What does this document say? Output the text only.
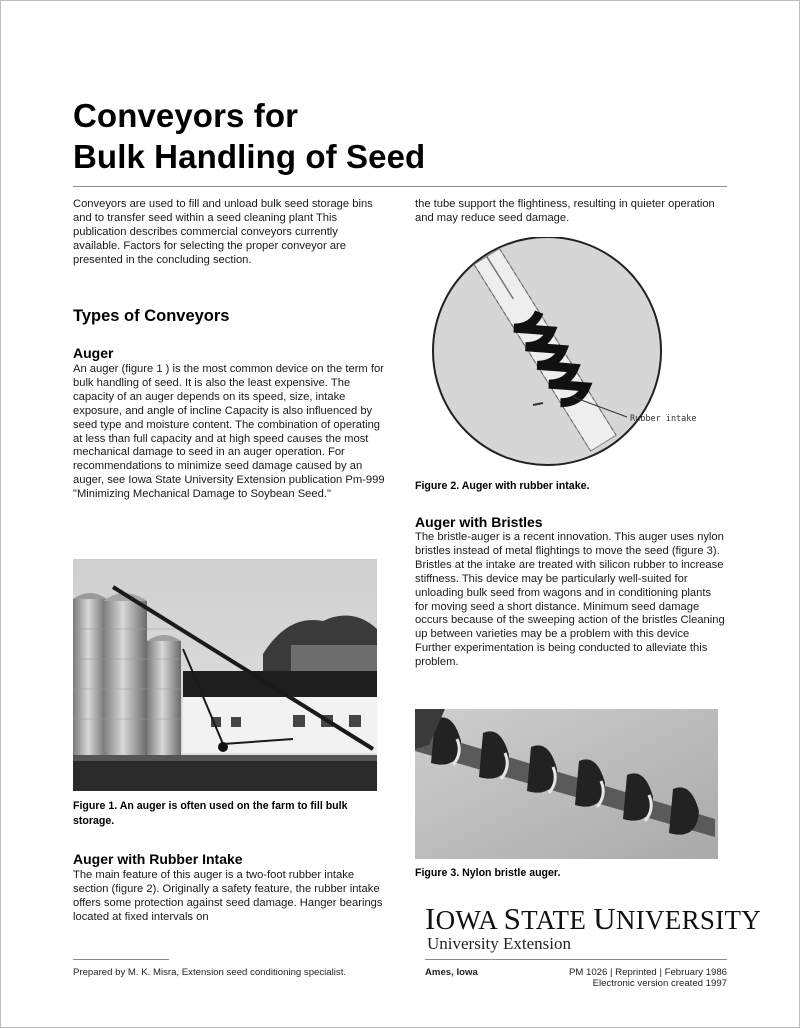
Conveyors for
Bulk Handling of Seed

Conveyors are used to fill and unload bulk seed storage bins and to transfer seed within a seed cleaning plant This publication describes commercial conveyors currently available. Factors for selecting the proper conveyor are presented in the concluding section.

Types of Conveyors
Auger

An auger (figure 1 ) is the most common device on the term for bulk handling of seed. It is also the least expensive. The capacity of an auger depends on its speed, size, intake exposure, and angle of incline Capacity is also influenced by seed type and moisture content. The combination of operating at less than full capacity and at high speed causes the most mechanical damage to seed in an auger operation. For recommendations to minimize seed damage caused by an auger, see Iowa State University Extension publication Pm-999 "Minimizing Mechanical Damage to Soybean Seed."

Figure 1. An auger is often used on the farm to fill bulk storage.

Auger with Rubber Intake

The main feature of this auger is a two-foot rubber intake section (figure 2). Originally a safety feature, the rubber intake offers some protection against seed damage. Hanger bearings located at fixed intervals on

Prepared by M. K. Misra, Extension seed conditioning specialist.

the tube support the flightiness, resulting in quieter operation and may reduce seed damage.

Rubber intake

Figure 2. Auger with rubber intake.

Auger with Bristles

The bristle-auger is a recent innovation. This auger uses nylon bristles instead of metal flightings to move the seed (figure 3). Bristles at the intake are treated with silicon rubber to increase stiffness. This device may be particularly well-suited for unloading bulk seed from wagons and in conditioning plants for moving seed a short distance. Minimum seed damage occurs because of the sweeping action of the bristles Cleaning up between varieties may be a problem with this device Further experimentation is being conducted to alleviate this problem.

Figure 3. Nylon bristle auger.

IOWA STATE UNIVERSITY
University Extension
Ames, Iowa	PM 1026 | Reprinted | February 1986
Electronic version created 1997
